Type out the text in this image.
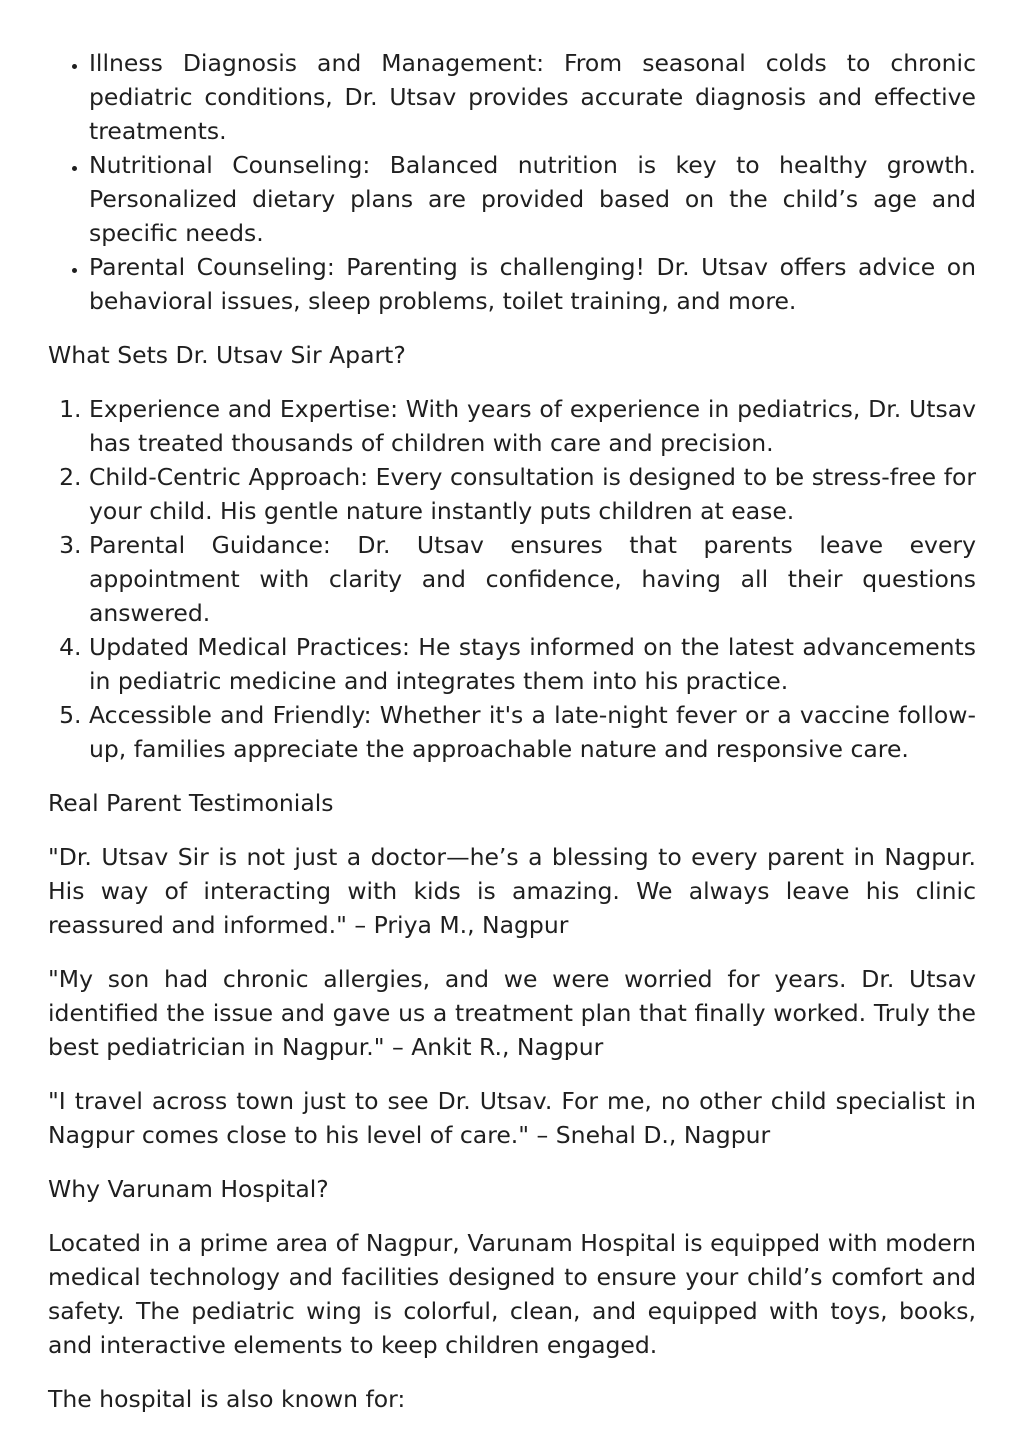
• Illness Diagnosis and Management: From seasonal colds to chronic pediatric conditions, Dr. Utsav provides accurate diagnosis and effective treatments.
• Nutritional Counseling: Balanced nutrition is key to healthy growth. Personalized dietary plans are provided based on the child’s age and specific needs.
• Parental Counseling: Parenting is challenging! Dr. Utsav offers advice on behavioral issues, sleep problems, toilet training, and more.

What Sets Dr. Utsav Sir Apart?

1. Experience and Expertise: With years of experience in pediatrics, Dr. Utsav has treated thousands of children with care and precision.
2. Child-Centric Approach: Every consultation is designed to be stress-free for your child. His gentle nature instantly puts children at ease.
3. Parental Guidance: Dr. Utsav ensures that parents leave every appointment with clarity and confidence, having all their questions answered.
4. Updated Medical Practices: He stays informed on the latest advancements in pediatric medicine and integrates them into his practice.
5. Accessible and Friendly: Whether it's a late-night fever or a vaccine follow-up, families appreciate the approachable nature and responsive care.

Real Parent Testimonials

"Dr. Utsav Sir is not just a doctor—he’s a blessing to every parent in Nagpur. His way of interacting with kids is amazing. We always leave his clinic reassured and informed." – Priya M., Nagpur

"My son had chronic allergies, and we were worried for years. Dr. Utsav identified the issue and gave us a treatment plan that finally worked. Truly the best pediatrician in Nagpur." – Ankit R., Nagpur

"I travel across town just to see Dr. Utsav. For me, no other child specialist in Nagpur comes close to his level of care." – Snehal D., Nagpur

Why Varunam Hospital?

Located in a prime area of Nagpur, Varunam Hospital is equipped with modern medical technology and facilities designed to ensure your child’s comfort and safety. The pediatric wing is colorful, clean, and equipped with toys, books, and interactive elements to keep children engaged.

The hospital is also known for:
